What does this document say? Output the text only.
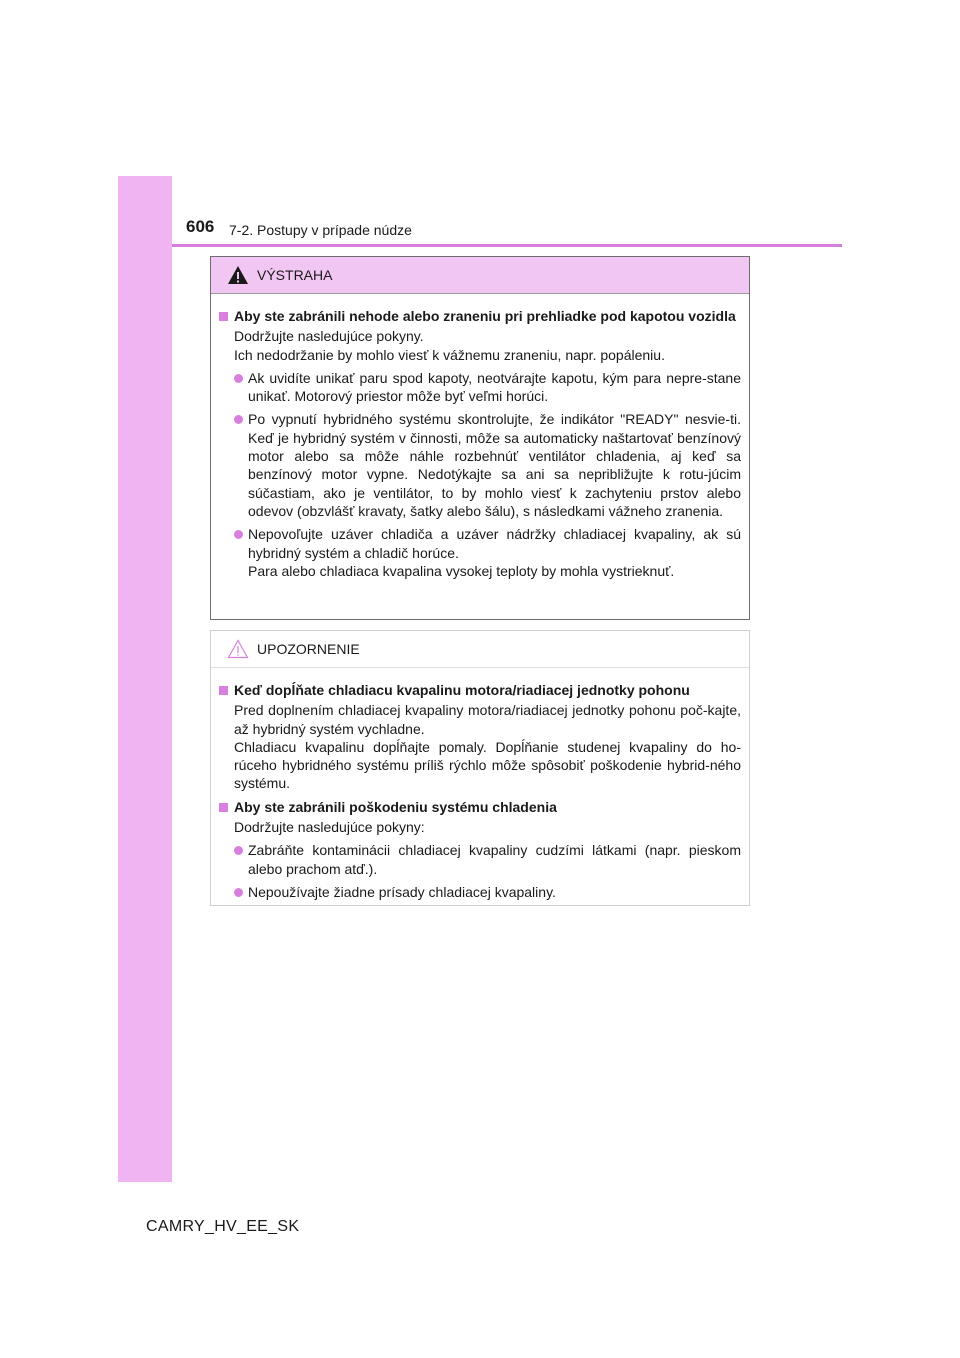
606 7-2. Postupy v prípade núdze
VÝSTRAHA
Aby ste zabránili nehode alebo zraneniu pri prehliadke pod kapotou vozidla
Dodržujte nasledujúce pokyny.
Ich nedodržanie by mohlo viesť k vážnemu zraneniu, napr. popáleniu.
Ak uvidíte unikať paru spod kapoty, neotvárajte kapotu, kým para nepre-stane unikať. Motorový priestor môže byť veľmi horúci.
Po vypnutí hybridného systému skontrolujte, že indikátor "READY" nesvie-ti. Keď je hybridný systém v činnosti, môže sa automaticky naštartovať benzínový motor alebo sa môže náhle rozbehnúť ventilátor chladenia, aj keď sa benzínový motor vypne. Nedotýkajte sa ani sa nepribližujte k rotu-júcim súčastiam, ako je ventilátor, to by mohlo viesť k zachyteniu prstov alebo odevov (obzvlášť kravaty, šatky alebo šálu), s následkami vážneho zranenia.
Nepovoľujte uzáver chladiča a uzáver nádržky chladiacej kvapaliny, ak sú hybridný systém a chladič horúce.
Para alebo chladiaca kvapalina vysokej teploty by mohla vystrieknuť.
UPOZORNENIE
Keď dopĺňate chladiacu kvapalinu motora/riadiacej jednotky pohonu
Pred doplnením chladiacej kvapaliny motora/riadiacej jednotky pohonu poč-kajte, až hybridný systém vychladne.
Chladiacu kvapalinu dopĺňajte pomaly. Dopĺňanie studenej kvapaliny do ho-rúceho hybridného systému príliš rýchlo môže spôsobiť poškodenie hybrid-ného systému.
Aby ste zabránili poškodeniu systému chladenia
Dodržujte nasledujúce pokyny:
Zabráňte kontaminácii chladiacej kvapaliny cudzími látkami (napr. pieskom alebo prachom atď.).
Nepoužívajte žiadne prísady chladiacej kvapaliny.
CAMRY_HV_EE_SK
